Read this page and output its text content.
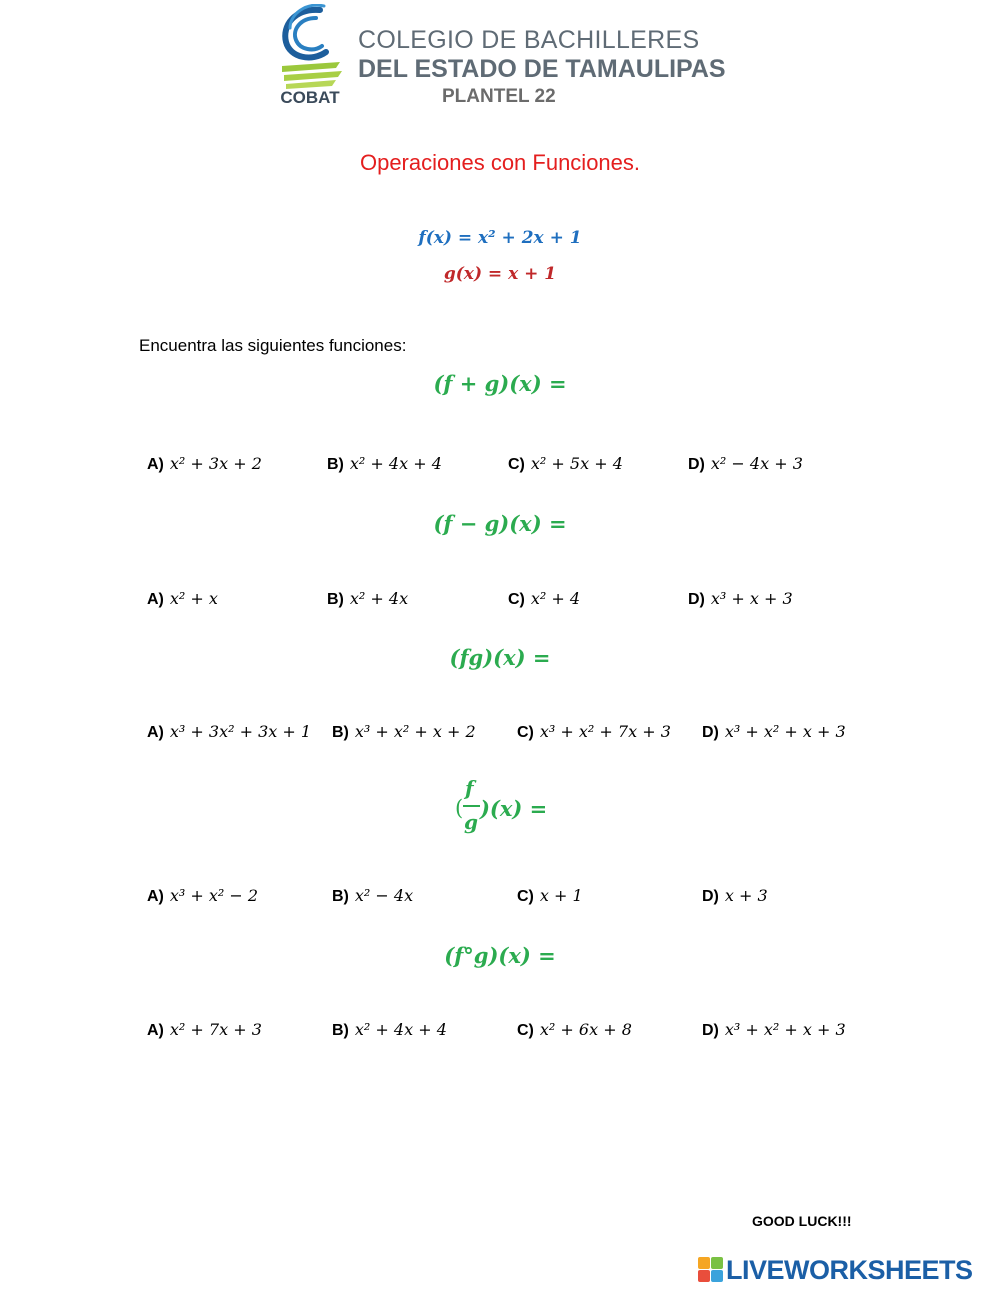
COBAT
COLEGIO DE BACHILLERES
DEL ESTADO DE TAMAULIPAS
PLANTEL 22
Operaciones con Funciones.
f(x) = x² + 2x + 1
g(x) = x + 1
Encuentra las siguientes funciones:
(f + g)(x) =
A) x² + 3x + 2	B) x² + 4x + 4	C) x² + 5x + 4	D) x² − 4x + 3
(f − g)(x) =
A) x² + x	B) x² + 4x	C) x² + 4	D) x³ + x + 3
(fg)(x) =
A) x³ + 3x² + 3x + 1 B) x³ + x² + x + 2	C) x³ + x² + 7x + 3 D) x³ + x² + x + 3
(
f
g
)(x) =
A) x³ + x² − 2	B) x² − 4x	C) x + 1	D) x + 3
(f°g)(x) =
A) x² + 7x + 3	B) x² + 4x + 4	C) x² + 6x + 8	D) x³ + x² + x + 3
GOOD LUCK!!!
LIVEWORKSHEETS
